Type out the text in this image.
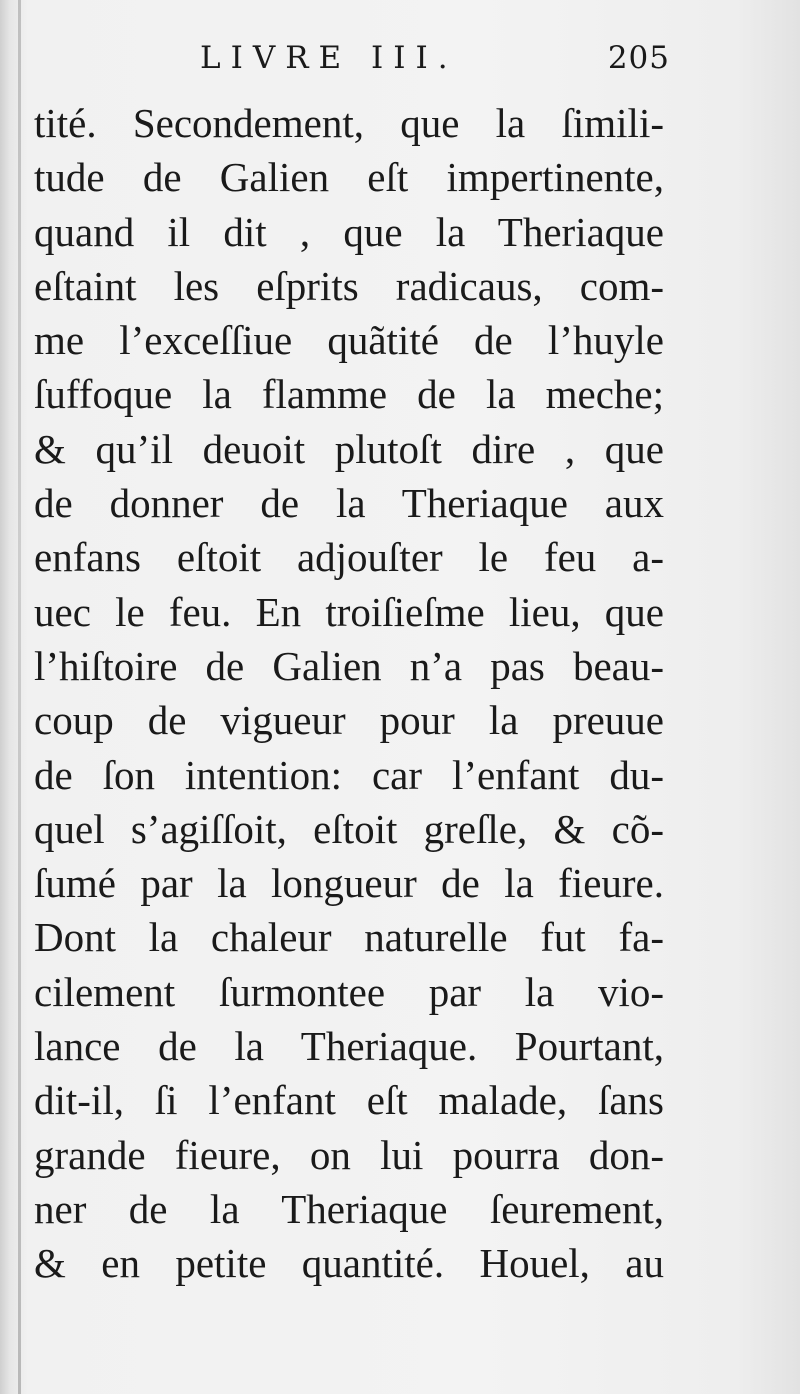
LIVRE III.	205
tité. Secondement, que la ſimili-
tude de Galien eſt impertinente,
quand il dit , que la Theriaque
eſtaint les eſprits radicaus, com-
me l’exceſſiue quãtité de l’huyle
ſuffoque la flamme de la meche;
& qu’il deuoit plutoſt dire , que
de donner de la Theriaque aux
enfans eſtoit adjouſter le feu a-
uec le feu. En troiſieſme lieu, que
l’hiſtoire de Galien n’a pas beau-
coup de vigueur pour la preuue
de ſon intention: car l’enfant du-
quel s’agiſſoit, eſtoit greſle, & cõ-
ſumé par la longueur de la fieure.
Dont la chaleur naturelle fut fa-
cilement ſurmontee par la vio-
lance de la Theriaque. Pourtant,
dit-il, ſi l’enfant eſt malade, ſans
grande fieure, on lui pourra don-
ner de la Theriaque ſeurement,
& en petite quantité. Houel, au
